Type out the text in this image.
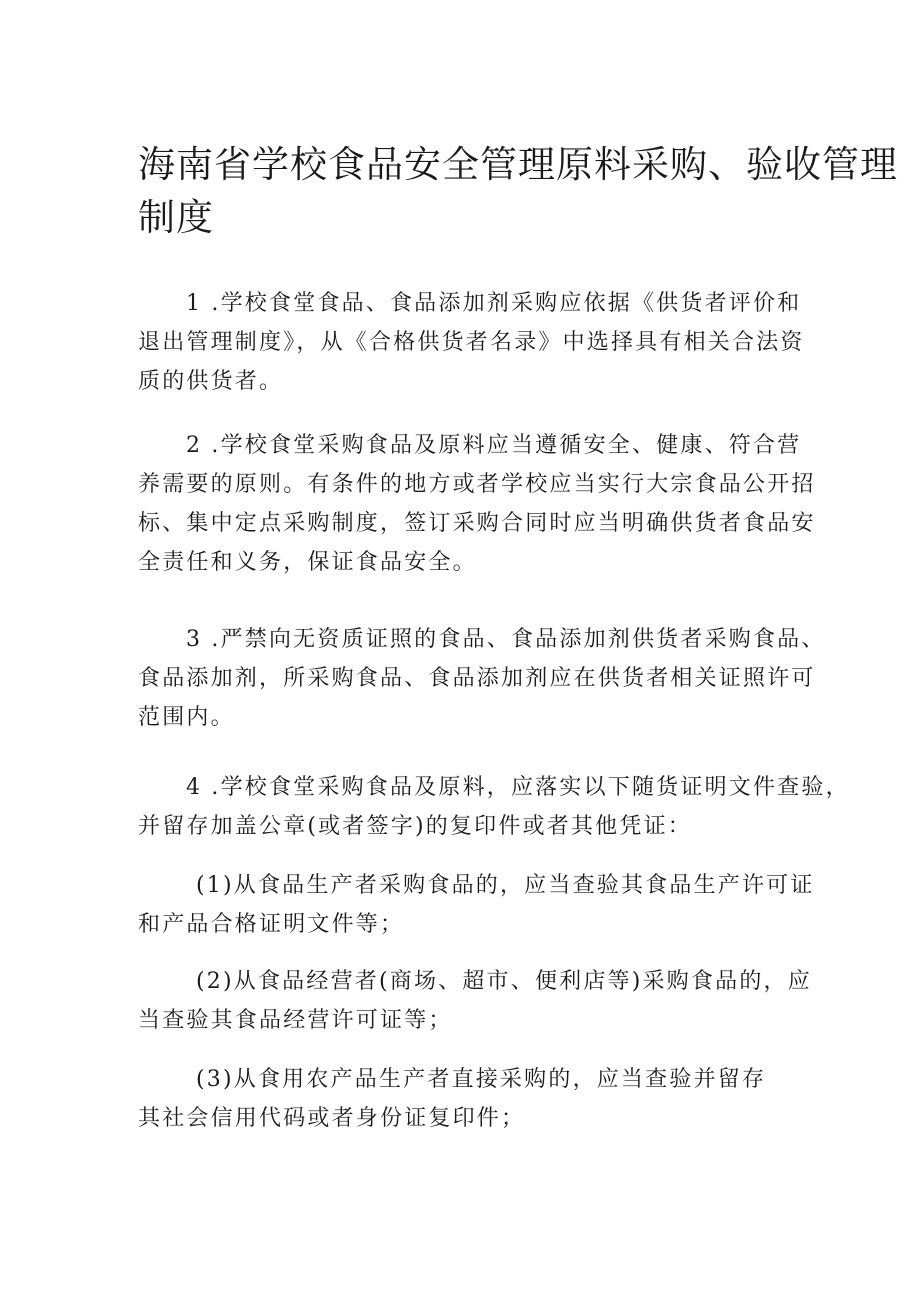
海南省学校食品安全管理原料采购、验收管理
制度

1 .学校食堂食品、食品添加剂采购应依据《供货者评价和
退出管理制度》，从《合格供货者名录》中选择具有相关合法资
质的供货者。

2 .学校食堂采购食品及原料应当遵循安全、健康、符合营
养需要的原则。有条件的地方或者学校应当实行大宗食品公开招
标、集中定点采购制度，签订采购合同时应当明确供货者食品安
全责任和义务，保证食品安全。

3 .严禁向无资质证照的食品、食品添加剂供货者采购食品、
食品添加剂，所采购食品、食品添加剂应在供货者相关证照许可
范围内。

4 .学校食堂采购食品及原料，应落实以下随货证明文件查验，
并留存加盖公章(或者签字)的复印件或者其他凭证：

(1)从食品生产者采购食品的，应当查验其食品生产许可证
和产品合格证明文件等；

(2)从食品经营者(商场、超市、便利店等)采购食品的，应
当查验其食品经营许可证等；

(3)从食用农产品生产者直接采购的，应当查验并留存
其社会信用代码或者身份证复印件；
